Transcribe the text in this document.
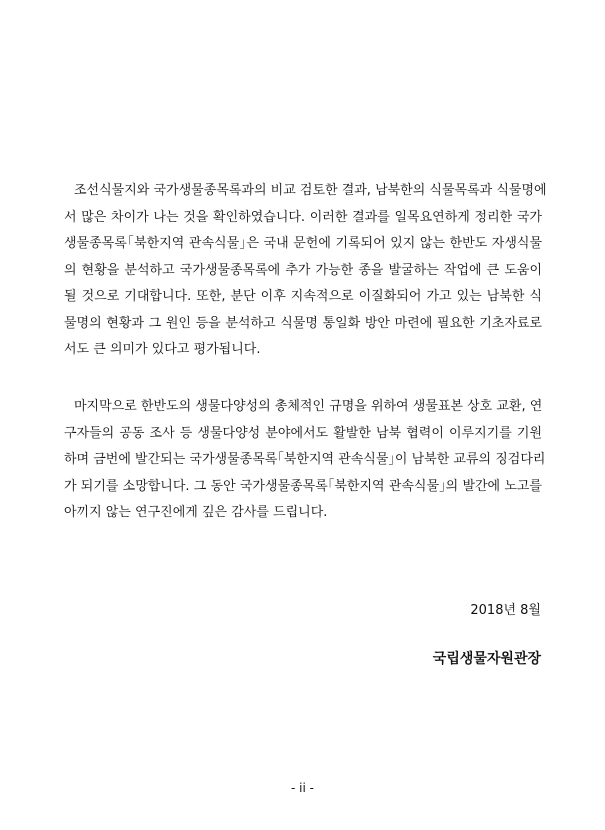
조선식물지와 국가생물종목록과의 비교 검토한 결과, 남북한의 식물목록과 식물명에
서 많은 차이가 나는 것을 확인하였습니다. 이러한 결과를 일목요연하게 정리한 국가
생물종목록｢북한지역 관속식물｣은 국내 문헌에 기록되어 있지 않는 한반도 자생식물
의 현황을 분석하고 국가생물종목록에 추가 가능한 종을 발굴하는 작업에 큰 도움이
될 것으로 기대합니다. 또한, 분단 이후 지속적으로 이질화되어 가고 있는 남북한 식
물명의 현황과 그 원인 등을 분석하고 식물명 통일화 방안 마련에 필요한 기초자료로
서도 큰 의미가 있다고 평가됩니다.
마지막으로 한반도의 생물다양성의 총체적인 규명을 위하여 생물표본 상호 교환, 연
구자들의 공동 조사 등 생물다양성 분야에서도 활발한 남북 협력이 이루지기를 기원
하며 금번에 발간되는 국가생물종목록｢북한지역 관속식물｣이 남북한 교류의 징검다리
가 되기를 소망합니다. 그 동안 국가생물종목록｢북한지역 관속식물｣의 발간에 노고를
아끼지 않는 연구진에게 깊은 감사를 드립니다.
2018년 8월
국립생물자원관장
- ii -
